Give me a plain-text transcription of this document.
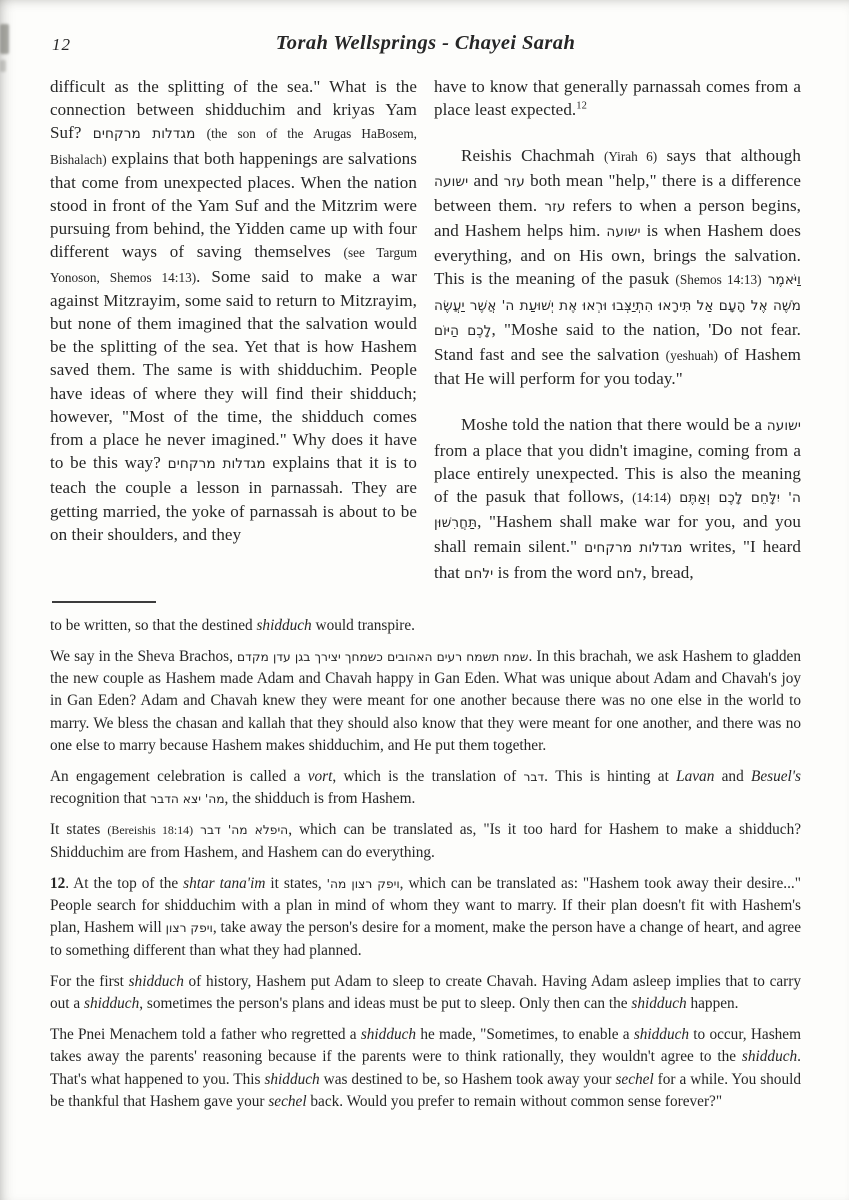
12	Torah Wellsprings - Chayei Sarah

difficult as the splitting of the sea." What is the connection between shidduchim and kriyas Yam Suf? מגדלות מרקחים (the son of the Arugas HaBosem, Bishalach) explains that both happenings are salvations that come from unexpected places. When the nation stood in front of the Yam Suf and the Mitzrim were pursuing from behind, the Yidden came up with four different ways of saving themselves (see Targum Yonoson, Shemos 14:13). Some said to make a war against Mitzrayim, some said to return to Mitzrayim, but none of them imagined that the salvation would be the splitting of the sea. Yet that is how Hashem saved them. The same is with shidduchim. People have ideas of where they will find their shidduch; however, "Most of the time, the shidduch comes from a place he never imagined." Why does it have to be this way? מגדלות מרקחים explains that it is to teach the couple a lesson in parnassah. They are getting married, the yoke of parnassah is about to be on their shoulders, and they

have to know that generally parnassah comes from a place least expected.$^{12}$

Reishis Chachmah (Yirah 6) says that although ישועה and עזר both mean "help," there is a difference between them. עזר refers to when a person begins, and Hashem helps him. ישועה is when Hashem does everything, and on His own, brings the salvation. This is the meaning of the pasuk (Shemos 14:13) וַיֹּאמֶר מֹשֶׁה אֶל הָעָם אַל תִּירָאוּ הִתְיַצְּבוּ וּרְאוּ אֶת יְשׁוּעַת ה' אֲשֶׁר יַעֲשֶׂה לָכֶם הַיּוֹם, "Moshe said to the nation, 'Do not fear. Stand fast and see the salvation (yeshuah) of Hashem that He will perform for you today."

Moshe told the nation that there would be a ישועה from a place that you didn't imagine, coming from a place entirely unexpected. This is also the meaning of the pasuk that follows, (14:14) ה' יִלָּחֵם לָכֶם וְאַתֶּם תַּחֲרִשׁוּן, "Hashem shall make war for you, and you shall remain silent." מגדלות מרקחים writes, "I heard that ילחם is from the word לחם, bread,

to be written, so that the destined shidduch would transpire.

We say in the Sheva Brachos, שמח תשמח רעים האהובים כשמחך יצירך בגן עדן מקדם. In this brachah, we ask Hashem to gladden the new couple as Hashem made Adam and Chavah happy in Gan Eden. What was unique about Adam and Chavah's joy in Gan Eden? Adam and Chavah knew they were meant for one another because there was no one else in the world to marry. We bless the chasan and kallah that they should also know that they were meant for one another, and there was no one else to marry because Hashem makes shidduchim, and He put them together.

An engagement celebration is called a vort, which is the translation of דבר. This is hinting at Lavan and Besuel's recognition that מה' יצא הדבר, the shidduch is from Hashem.

It states (Bereishis 18:14) היפלא מה' דבר, which can be translated as, "Is it too hard for Hashem to make a shidduch? Shidduchim are from Hashem, and Hashem can do everything.

12. At the top of the shtar tana'im it states, ויפק רצון מה', which can be translated as: "Hashem took away their desire..." People search for shidduchim with a plan in mind of whom they want to marry. If their plan doesn't fit with Hashem's plan, Hashem will ויפק רצון, take away the person's desire for a moment, make the person have a change of heart, and agree to something different than what they had planned.

For the first shidduch of history, Hashem put Adam to sleep to create Chavah. Having Adam asleep implies that to carry out a shidduch, sometimes the person's plans and ideas must be put to sleep. Only then can the shidduch happen.

The Pnei Menachem told a father who regretted a shidduch he made, "Sometimes, to enable a shidduch to occur, Hashem takes away the parents' reasoning because if the parents were to think rationally, they wouldn't agree to the shidduch. That's what happened to you. This shidduch was destined to be, so Hashem took away your sechel for a while. You should be thankful that Hashem gave your sechel back. Would you prefer to remain without common sense forever?"
